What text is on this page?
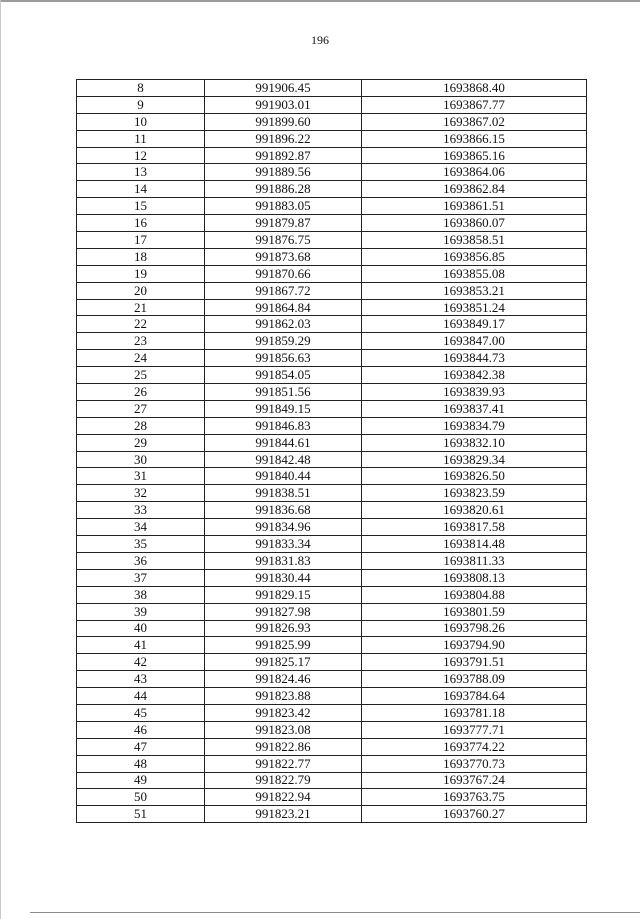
196
8	991906.45	1693868.40
9	991903.01	1693867.77
10	991899.60	1693867.02
11	991896.22	1693866.15
12	991892.87	1693865.16
13	991889.56	1693864.06
14	991886.28	1693862.84
15	991883.05	1693861.51
16	991879.87	1693860.07
17	991876.75	1693858.51
18	991873.68	1693856.85
19	991870.66	1693855.08
20	991867.72	1693853.21
21	991864.84	1693851.24
22	991862.03	1693849.17
23	991859.29	1693847.00
24	991856.63	1693844.73
25	991854.05	1693842.38
26	991851.56	1693839.93
27	991849.15	1693837.41
28	991846.83	1693834.79
29	991844.61	1693832.10
30	991842.48	1693829.34
31	991840.44	1693826.50
32	991838.51	1693823.59
33	991836.68	1693820.61
34	991834.96	1693817.58
35	991833.34	1693814.48
36	991831.83	1693811.33
37	991830.44	1693808.13
38	991829.15	1693804.88
39	991827.98	1693801.59
40	991826.93	1693798.26
41	991825.99	1693794.90
42	991825.17	1693791.51
43	991824.46	1693788.09
44	991823.88	1693784.64
45	991823.42	1693781.18
46	991823.08	1693777.71
47	991822.86	1693774.22
48	991822.77	1693770.73
49	991822.79	1693767.24
50	991822.94	1693763.75
51	991823.21	1693760.27
